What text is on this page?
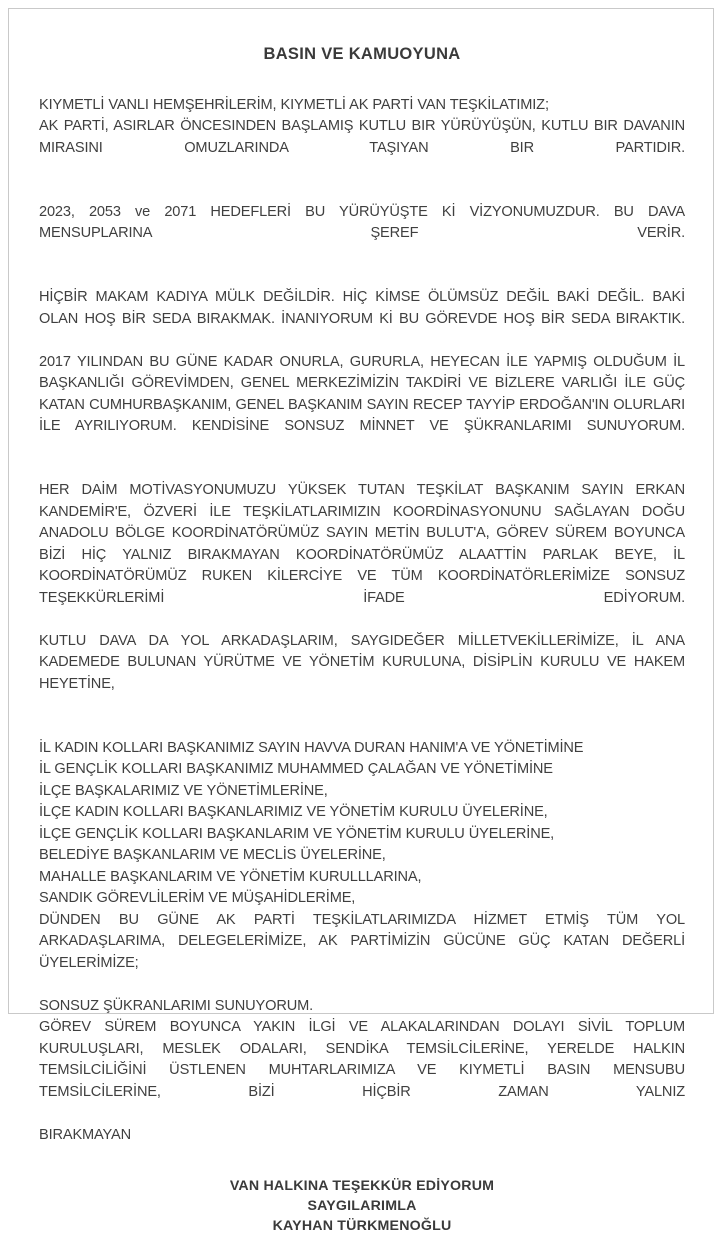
BASIN VE KAMUOYUNA

KIYMETLİ VANLI HEMŞEHRİLERİM, KIYMETLİ AK PARTİ VAN TEŞKİLATIMIZ;

AK PARTİ, ASIRLAR ÖNCESINDEN BAŞLAMIŞ KUTLU BIR YÜRÜYÜŞÜN, KUTLU BIR DAVANIN MIRASINI OMUZLARINDA TAŞIYAN BIR PARTIDIR.

2023, 2053 ve 2071 HEDEFLERİ BU YÜRÜYÜŞTE Kİ VİZYONUMUZDUR. BU DAVA MENSUPLARINA ŞEREF VERİR.

HİÇBİR MAKAM KADIYA MÜLK DEĞİLDİR. HİÇ KİMSE ÖLÜMSÜZ DEĞİL BAKİ DEĞİL. BAKİ OLAN HOŞ BİR SEDA BIRAKMAK. İNANIYORUM Kİ BU GÖREVDE HOŞ BİR SEDA BIRAKTIK.

2017 YILINDAN BU GÜNE KADAR ONURLA, GURURLA, HEYECAN İLE YAPMIŞ OLDUĞUM İL BAŞKANLIĞI GÖREVİMDEN, GENEL MERKEZİMİZİN TAKDİRİ VE BİZLERE VARLIĞI İLE GÜÇ KATAN CUMHURBAŞKANIM, GENEL BAŞKANIM SAYIN RECEP TAYYİP ERDOĞAN'IN OLURLARI İLE AYRILIYORUM. KENDİSİNE SONSUZ MİNNET VE ŞÜKRANLARIMI SUNUYORUM.

HER DAİM MOTİVASYONUMUZU YÜKSEK TUTAN TEŞKİLAT BAŞKANIM SAYIN ERKAN KANDEMİR'E, ÖZVERİ İLE TEŞKİLATLARIMIZIN KOORDİNASYONUNU SAĞLAYAN DOĞU ANADOLU BÖLGE KOORDİNATÖRÜMÜZ SAYIN METİN BULUT'A, GÖREV SÜREM BOYUNCA BİZİ HİÇ YALNIZ BIRAKMAYAN KOORDİNATÖRÜMÜZ ALAATTİN PARLAK BEYE, İL KOORDİNATÖRÜMÜZ RUKEN KİLERCİYE VE TÜM KOORDİNATÖRLERİMİZE SONSUZ TEŞEKKÜRLERİMİ İFADE EDİYORUM.

KUTLU DAVA DA YOL ARKADAŞLARIM, SAYGIDEĞER MİLLETVEKİLLERİMİZE, İL ANA KADEMEDE BULUNAN YÜRÜTME VE YÖNETİM KURULUNA, DİSİPLİN KURULU VE HAKEM HEYETİNE,

İL KADIN KOLLARI BAŞKANIMIZ SAYIN HAVVA DURAN HANIM'A VE YÖNETİMİNE

İL GENÇLİK KOLLARI BAŞKANIMIZ MUHAMMED ÇALAĞAN VE YÖNETİMİNE

İLÇE BAŞKALARIMIZ VE YÖNETİMLERİNE,

İLÇE KADIN KOLLARI BAŞKANLARIMIZ VE YÖNETİM KURULU ÜYELERİNE,

İLÇE GENÇLİK KOLLARI BAŞKANLARIM VE YÖNETİM KURULU ÜYELERİNE,

BELEDİYE BAŞKANLARIM VE MECLİS ÜYELERİNE,

MAHALLE BAŞKANLARIM VE YÖNETİM KURULLLARINA,

SANDIK GÖREVLİLERİM VE MÜŞAHİDLERİME,

DÜNDEN BU GÜNE AK PARTİ TEŞKİLATLARIMIZDA HİZMET ETMİŞ TÜM YOL ARKADAŞLARIMA, DELEGELERİMİZE, AK PARTİMİZİN GÜCÜNE GÜÇ KATAN DEĞERLİ ÜYELERİMİZE;

SONSUZ ŞÜKRANLARIMI SUNUYORUM.

GÖREV SÜREM BOYUNCA YAKIN İLGİ VE ALAKALARINDAN DOLAYI SİVİL TOPLUM KURULUŞLARI, MESLEK ODALARI, SENDİKA TEMSİLCİLERİNE, YERELDE HALKIN TEMSİLCİLİĞİNİ ÜSTLENEN MUHTARLARIMIZA VE KIYMETLİ BASIN MENSUBU TEMSİLCİLERİNE, BİZİ HİÇBİR ZAMAN YALNIZ

BIRAKMAYAN

VAN HALKINA TEŞEKKÜR EDİYORUM
SAYGILARIMLA
KAYHAN TÜRKMENOĞLU
